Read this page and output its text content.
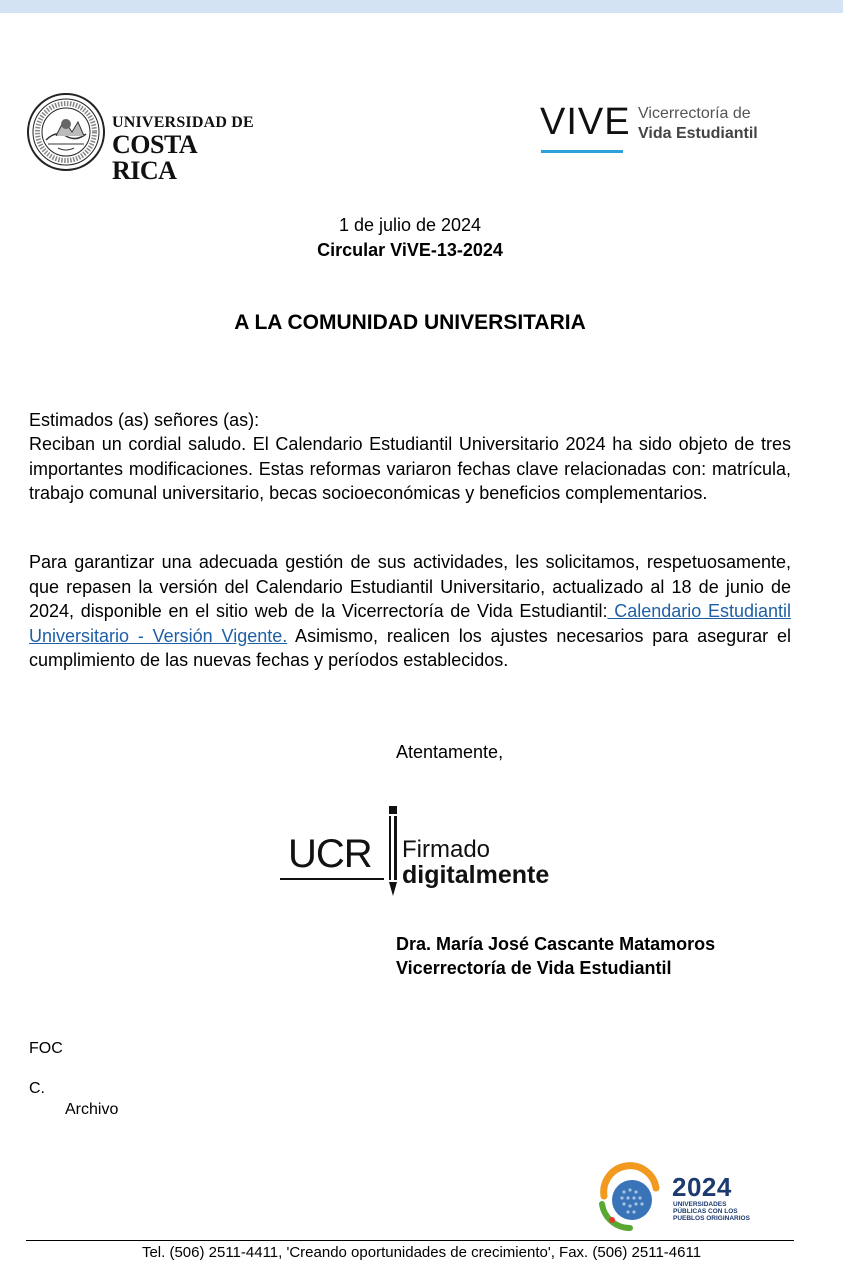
UNIVERSIDAD DE
COSTA RICA
VIVE Vicerrectoría de
Vida Estudiantil
1 de julio de 2024
Circular ViVE-13-2024
A LA COMUNIDAD UNIVERSITARIA
Estimados (as) señores (as):
Reciban un cordial saludo. El Calendario Estudiantil Universitario 2024 ha sido objeto de tres importantes modificaciones. Estas reformas variaron fechas clave relacionadas con: matrícula, trabajo comunal universitario, becas socioeconómicas y beneficios complementarios.
Para garantizar una adecuada gestión de sus actividades, les solicitamos, respetuosamente, que repasen la versión del Calendario Estudiantil Universitario, actualizado al 18 de junio de 2024, disponible en el sitio web de la Vicerrectoría de Vida Estudiantil: Calendario Estudiantil Universitario - Versión Vigente. Asimismo, realicen los ajustes necesarios para asegurar el cumplimiento de las nuevas fechas y períodos establecidos.
Atentamente,
UCR Firmado
digitalmente
Dra. María José Cascante Matamoros
Vicerrectoría de Vida Estudiantil
FOC
C.
Archivo
2024
UNIVERSIDADES
PÚBLICAS CON LOS
PUEBLOS ORIGINARIOS
Tel. (506) 2511-4411, 'Creando oportunidades de crecimiento', Fax. (506) 2511-4611
